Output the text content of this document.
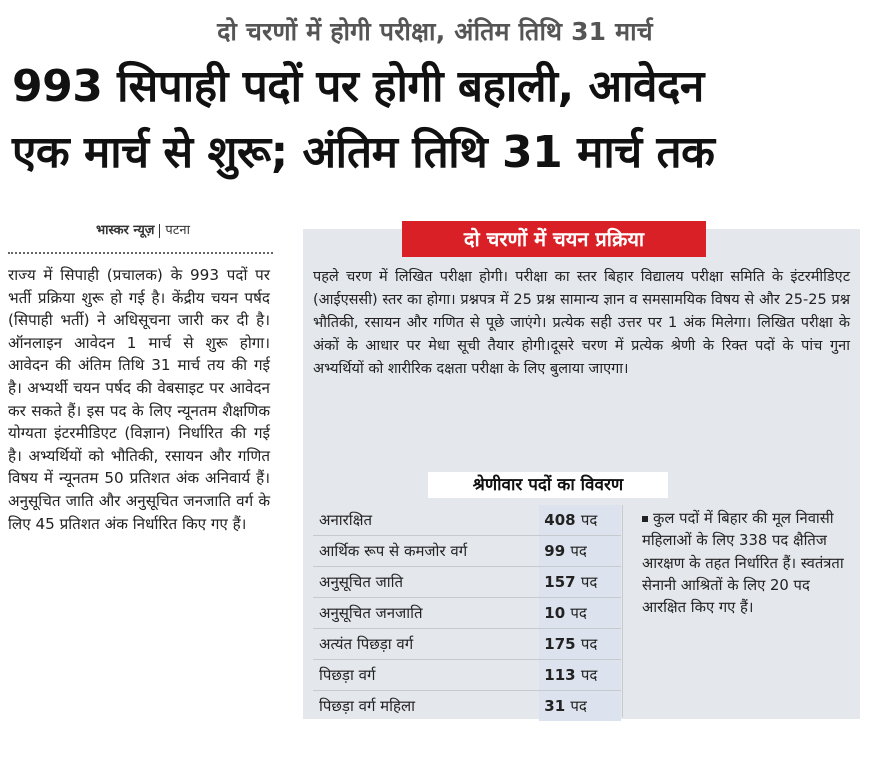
दो चरणों में होगी परीक्षा, अंतिम तिथि 31 मार्च
993 सिपाही पदों पर होगी बहाली, आवेदन
एक मार्च से शुरू; अंतिम तिथि 31 मार्च तक
भास्कर न्यूज़ पटना

राज्य में सिपाही (प्रचालक) के 993 पदों पर भर्ती प्रक्रिया शुरू हो गई है। केंद्रीय चयन पर्षद (सिपाही भर्ती) ने अधिसूचना जारी कर दी है। ऑनलाइन आवेदन 1 मार्च से शुरू होगा। आवेदन की अंतिम तिथि 31 मार्च तय की गई है। अभ्यर्थी चयन पर्षद की वेबसाइट पर आवेदन कर सकते हैं। इस पद के लिए न्यूनतम शैक्षणिक योग्यता इंटरमीडिएट (विज्ञान) निर्धारित की गई है। अभ्यर्थियों को भौतिकी, रसायन और गणित विषय में न्यूनतम 50 प्रतिशत अंक अनिवार्य हैं। अनुसूचित जाति और अनुसूचित जनजाति वर्ग के लिए 45 प्रतिशत अंक निर्धारित किए गए हैं।

दो चरणों में चयन प्रक्रिया

पहले चरण में लिखित परीक्षा होगी। परीक्षा का स्तर बिहार विद्यालय परीक्षा समिति के इंटरमीडिएट (आईएससी) स्तर का होगा। प्रश्नपत्र में 25 प्रश्न सामान्य ज्ञान व समसामयिक विषय से और 25-25 प्रश्न भौतिकी, रसायन और गणित से पूछे जाएंगे। प्रत्येक सही उत्तर पर 1 अंक मिलेगा। लिखित परीक्षा के अंकों के आधार पर मेधा सूची तैयार होगी।दूसरे चरण में प्रत्येक श्रेणी के रिक्त पदों के पांच गुना अभ्यर्थियों को शारीरिक दक्षता परीक्षा के लिए बुलाया जाएगा।

श्रेणीवार पदों का विवरण
अनारक्षित	408 पद
आर्थिक रूप से कमजोर वर्ग	99 पद
अनुसूचित जाति	157 पद
अनुसूचित जनजाति	10 पद
अत्यंत पिछड़ा वर्ग	175 पद
पिछड़ा वर्ग	113 पद
पिछड़ा वर्ग महिला	31 पद
कुल पदों में बिहार की मूल निवासी महिलाओं के लिए 338 पद क्षैतिज आरक्षण के तहत निर्धारित हैं। स्वतंत्रता सेनानी आश्रितों के लिए 20 पद आरक्षित किए गए हैं।
